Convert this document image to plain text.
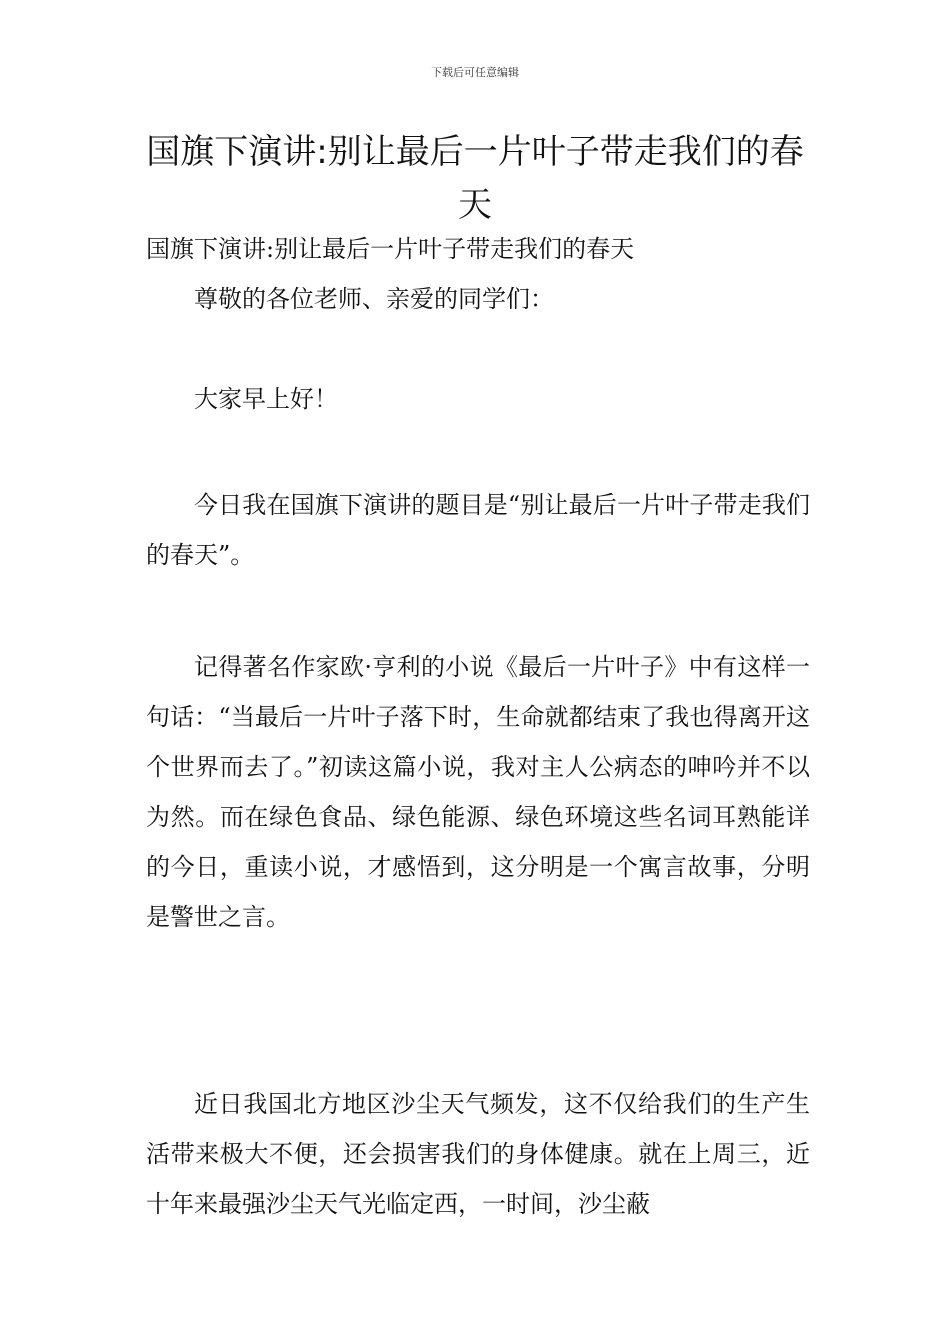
下载后可任意编辑
国旗下演讲:别让最后一片叶子带走我们的春天

国旗下演讲:别让最后一片叶子带走我们的春天

尊敬的各位老师、亲爱的同学们：

大家早上好！

今日我在国旗下演讲的题目是“别让最后一片叶子带走我们的春天”。

记得著名作家欧·亨利的小说《最后一片叶子》中有这样一句话：“当最后一片叶子落下时，生命就都结束了我也得离开这个世界而去了。”初读这篇小说，我对主人公病态的呻吟并不以为然。而在绿色食品、绿色能源、绿色环境这些名词耳熟能详的今日，重读小说，才感悟到，这分明是一个寓言故事，分明是警世之言。

近日我国北方地区沙尘天气频发，这不仅给我们的生产生活带来极大不便，还会损害我们的身体健康。就在上周三，近十年来最强沙尘天气光临定西，一时间，沙尘蔽
